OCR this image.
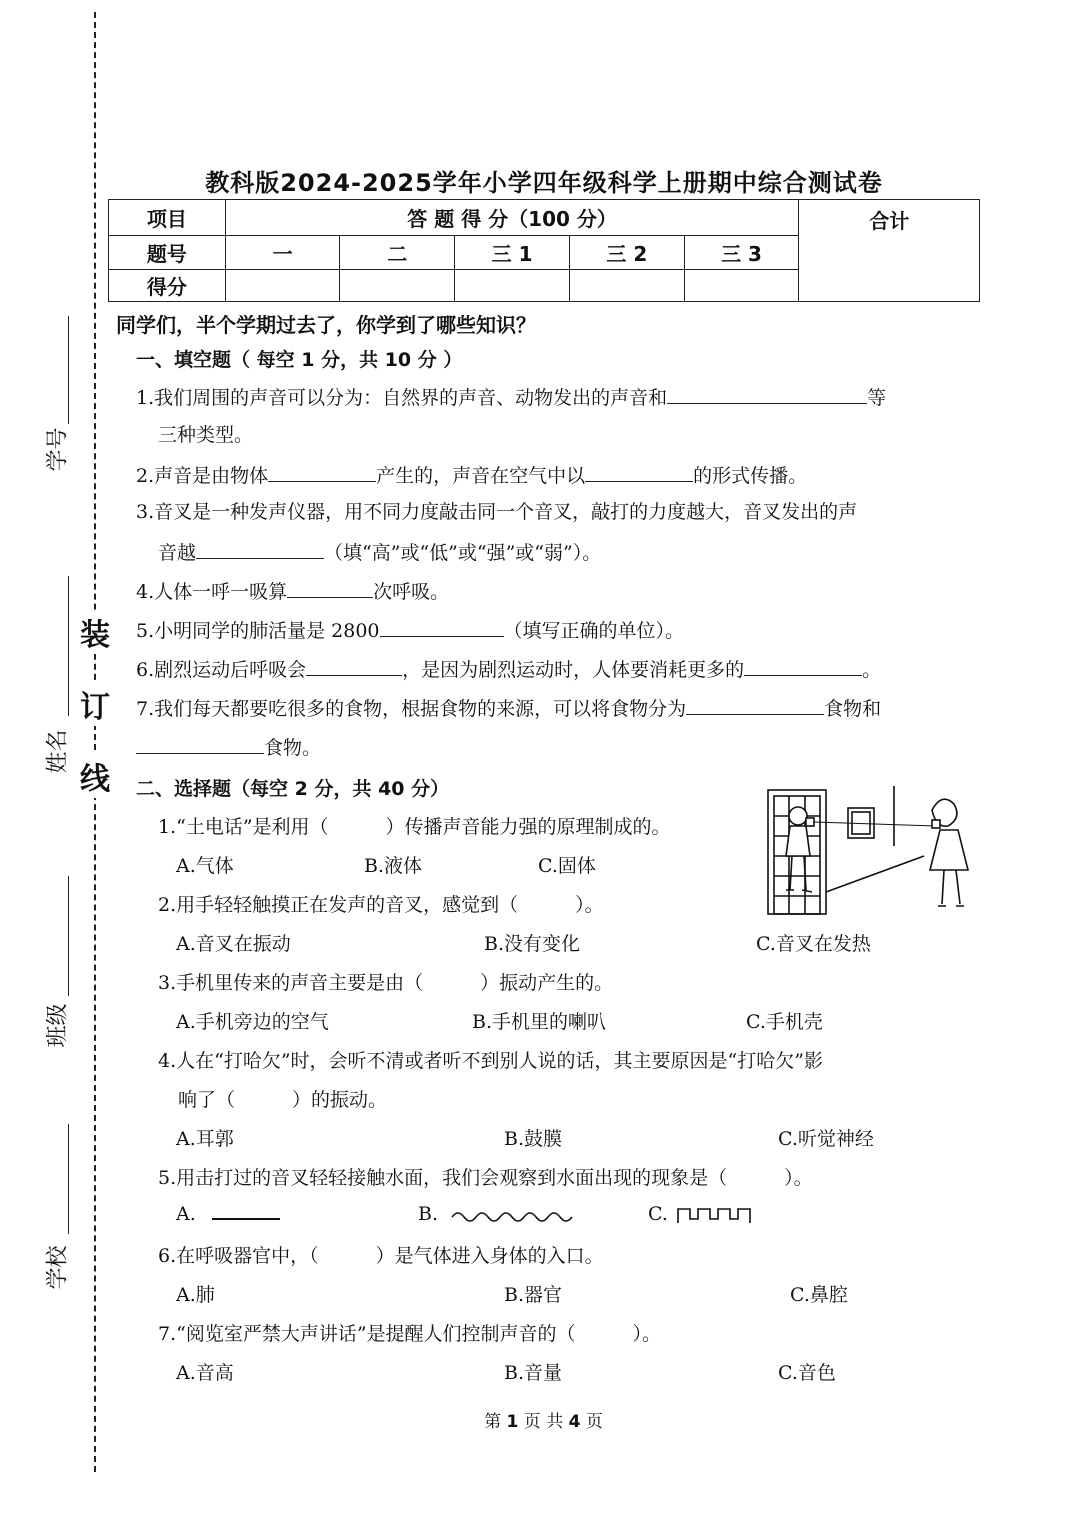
装
订
线
学号
姓名
班级
学校
教科版2024-2025学年小学四年级科学上册期中综合测试卷
项目	答 题 得 分（100 分）					合计
题号	一	二	三 1	三 2	三 3	
得分						
同学们，半个学期过去了，你学到了哪些知识？
一、填空题（ 每空 1 分，共 10 分 ）
1.我们周围的声音可以分为：自然界的声音、动物发出的声音和	等
三种类型。
2.声音是由物体	产生的，声音在空气中以	的形式传播。
3.音叉是一种发声仪器，用不同力度敲击同一个音叉，敲打的力度越大，音叉发出的声
音越	（填“高”或“低”或“强”或“弱”）。
4.人体一呼一吸算	次呼吸。
5.小明同学的肺活量是 2800	（填写正确的单位）。
6.剧烈运动后呼吸会	，是因为剧烈运动时，人体要消耗更多的	。
7.我们每天都要吃很多的食物，根据食物的来源，可以将食物分为	食物和
食物。
二、选择题（每空 2 分，共 40 分）
1.“土电话”是利用（　　　）传播声音能力强的原理制成的。
A.气体	B.液体	C.固体
2.用手轻轻触摸正在发声的音叉，感觉到（　　　）。
A.音叉在振动	B.没有变化	C.音叉在发热
3.手机里传来的声音主要是由（　　　）振动产生的。
A.手机旁边的空气	B.手机里的喇叭	C.手机壳
4.人在“打哈欠”时，会听不清或者听不到别人说的话，其主要原因是“打哈欠”影
响了（　　　）的振动。
A.耳郭	B.鼓膜	C.听觉神经
5.用击打过的音叉轻轻接触水面，我们会观察到水面出现的现象是（　　　）。
A.	B.	C.
6.在呼吸器官中，（　　　）是气体进入身体的入口。
A.肺	B.器官	C.鼻腔
7.“阅览室严禁大声讲话”是提醒人们控制声音的（　　　）。
A.音高	B.音量	C.音色
第 1 页 共 4 页
